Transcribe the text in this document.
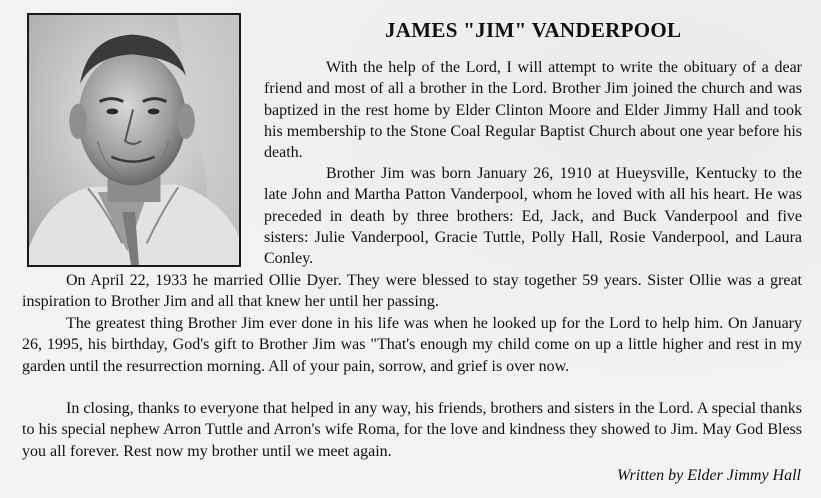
JAMES "JIM" VANDERPOOL

With the help of the Lord, I will attempt to write the obituary of a dear friend and most of all a brother in the Lord. Brother Jim joined the church and was baptized in the rest home by Elder Clinton Moore and Elder Jimmy Hall and took his membership to the Stone Coal Regular Baptist Church about one year before his death.

Brother Jim was born January 26, 1910 at Hueysville, Kentucky to the late John and Martha Patton Vanderpool, whom he loved with all his heart. He was preceded in death by three brothers: Ed, Jack, and Buck Vanderpool and five sisters: Julie Vanderpool, Gracie Tuttle, Polly Hall, Rosie Vanderpool, and Laura Conley.

On April 22, 1933 he married Ollie Dyer. They were blessed to stay together 59 years. Sister Ollie was a great inspiration to Brother Jim and all that knew her until her passing.

The greatest thing Brother Jim ever done in his life was when he looked up for the Lord to help him. On January 26, 1995, his birthday, God's gift to Brother Jim was "That's enough my child come on up a little higher and rest in my garden until the resurrection morning. All of your pain, sorrow, and grief is over now.

In closing, thanks to everyone that helped in any way, his friends, brothers and sisters in the Lord. A special thanks to his special nephew Arron Tuttle and Arron's wife Roma, for the love and kindness they showed to Jim. May God Bless you all forever. Rest now my brother until we meet again.

Written by Elder Jimmy Hall
